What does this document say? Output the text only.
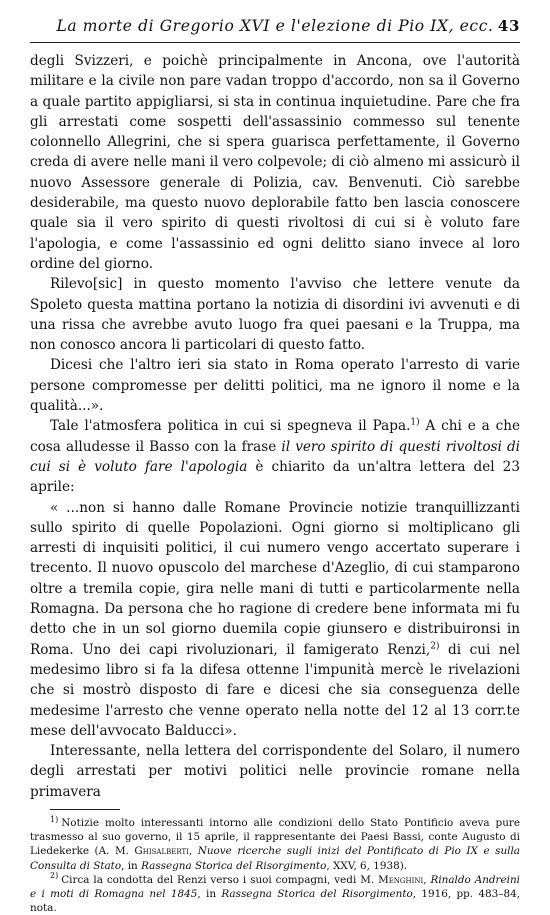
La morte di Gregorio XVI e l'elezione di Pio IX, ecc. 43

degli Svizzeri, e poichè principalmente in Ancona, ove l'autorità militare e la civile non pare vadan troppo d'accordo, non sa il Governo a quale partito appigliarsi, si sta in continua inquietudine. Pare che fra gli arrestati come sospetti dell'assassinio commesso sul tenente colonnello Allegrini, che si spera guarisca perfettamente, il Governo creda di avere nelle mani il vero colpevole; di ciò almeno mi assicurò il nuovo Assessore generale di Polizia, cav. Benvenuti. Ciò sarebbe desiderabile, ma questo nuovo deplorabile fatto ben lascia conoscere quale sia il vero spirito di questi rivoltosi di cui si è voluto fare l'apologia, e come l'assassinio ed ogni delitto siano invece al loro ordine del giorno.

Rilevo[sic] in questo momento l'avviso che lettere venute da Spoleto questa mattina portano la notizia di disordini ivi avvenuti e di una rissa che avrebbe avuto luogo fra quei paesani e la Truppa, ma non conosco ancora li particolari di questo fatto.

Dicesi che l'altro ieri sia stato in Roma operato l'arresto di varie persone compromesse per delitti politici, ma ne ignoro il nome e la qualità...».

Tale l'atmosfera politica in cui si spegneva il Papa.$^{1)}$ A chi e a che cosa alludesse il Basso con la frase il vero spirito di questi rivoltosi di cui si è voluto fare l'apologia è chiarito da un'altra lettera del 23 aprile:

« ...non si hanno dalle Romane Provincie notizie tranquillizzanti sullo spirito di quelle Popolazioni. Ogni giorno si moltiplicano gli arresti di inquisiti politici, il cui numero vengo accertato superare i trecento. Il nuovo opuscolo del marchese d'Azeglio, di cui stamparono oltre a tremila copie, gira nelle mani di tutti e particolarmente nella Romagna. Da persona che ho ragione di credere bene informata mi fu detto che in un sol giorno duemila copie giunsero e distribuironsi in Roma. Uno dei capi rivoluzionari, il famigerato Renzi,$^{2)}$ di cui nel medesimo libro si fa la difesa ottenne l'impunità mercè le rivelazioni che si mostrò disposto di fare e dicesi che sia conseguenza delle medesime l'arresto che venne operato nella notte del 12 al 13 corr.te mese dell'avvocato Balducci».

Interessante, nella lettera del corrispondente del Solaro, il numero degli arrestati per motivi politici nelle provincie romane nella primavera

$^{1)}$ Notizie molto interessanti intorno alle condizioni dello Stato Pontificio aveva pure trasmesso al suo governo, il 15 aprile, il rappresentante dei Paesi Bassi, conte Augusto di Liedekerke (A. M. Ghisalberti, Nuove ricerche sugli inizi del Pontificato di Pio IX e sulla Consulta di Stato, in Rassegna Storica del Risorgimento, XXV, 6, 1938).

$^{2)}$ Circa la condotta del Renzi verso i suoi compagni, vedi M. Menghini, Rinaldo Andreini e i moti di Romagna nel 1845, in Rassegna Storica del Risorgimento, 1916, pp. 483–84, nota.
